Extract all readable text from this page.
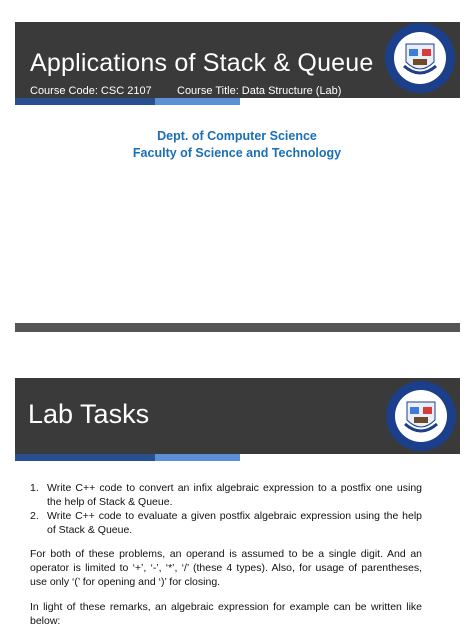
Applications of Stack & Queue
Course Code: CSC 2107 Course Title: Data Structure (Lab)
Dept. of Computer Science
Faculty of Science and Technology
Lab Tasks
1. Write C++ code to convert an infix algebraic expression to a postfix one using the help of Stack & Queue.
2. Write C++ code to evaluate a given postfix algebraic expression using the help of Stack & Queue.
For both of these problems, an operand is assumed to be a single digit. And an operator is limited to ‘+’, ‘-’, ‘*’, ‘/’ (these 4 types). Also, for usage of parentheses, use only ‘(’ for opening and ‘)’ for closing.
In light of these remarks, an algebraic expression for example can be written like below:
